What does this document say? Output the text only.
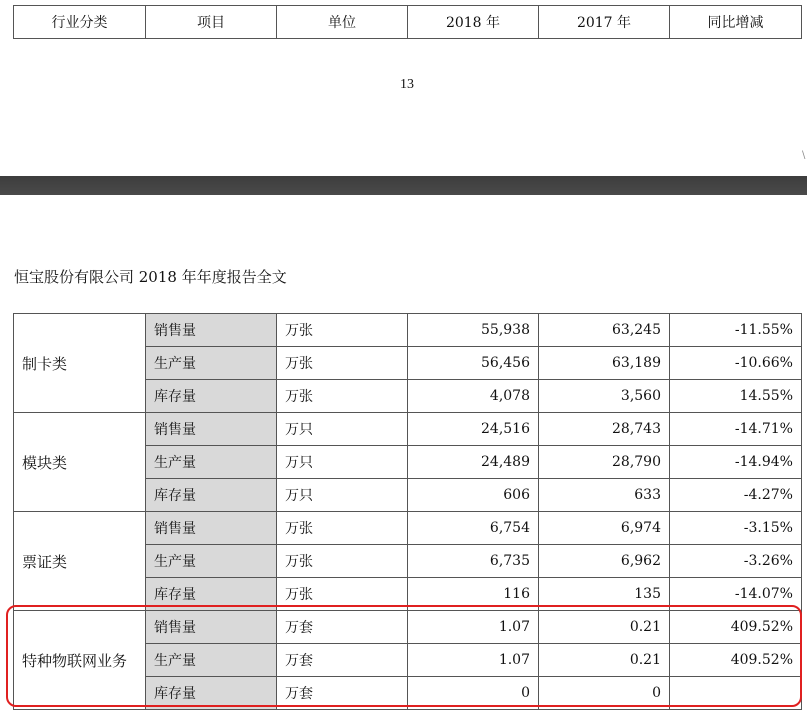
行业分类	项目	单位	2018 年	2017 年	同比增减
13
\
恒宝股份有限公司 2018 年年度报告全文
制卡类	销售量	万张	55,938	63,245	-11.55%
	生产量	万张	56,456	63,189	-10.66%
	库存量	万张	4,078	3,560	14.55%
模块类	销售量	万只	24,516	28,743	-14.71%
	生产量	万只	24,489	28,790	-14.94%
	库存量	万只	606	633	-4.27%
票证类	销售量	万张	6,754	6,974	-3.15%
	生产量	万张	6,735	6,962	-3.26%
	库存量	万张	116	135	-14.07%
特种物联网业务	销售量	万套	1.07	0.21	409.52%
	生产量	万套	1.07	0.21	409.52%
	库存量	万套	0	0	
